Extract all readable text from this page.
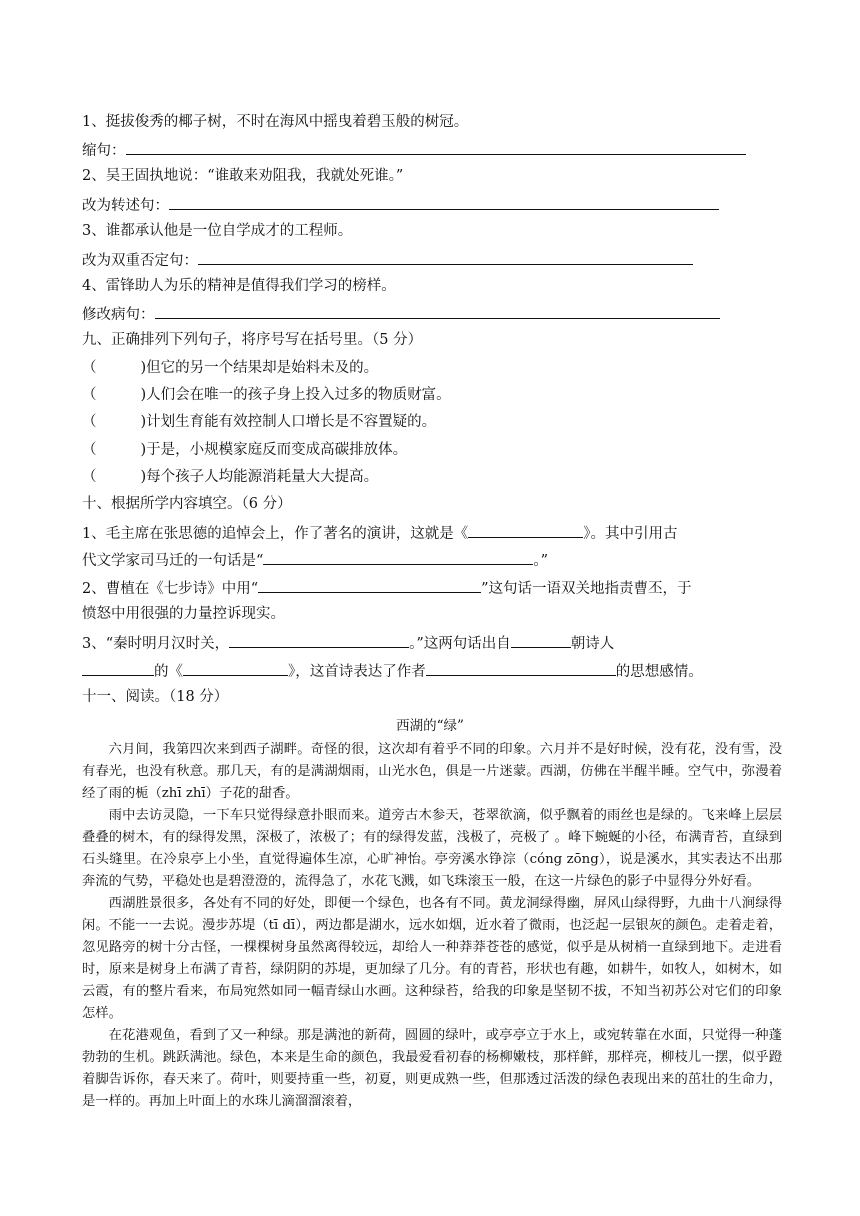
1、挺拔俊秀的椰子树，不时在海风中摇曳着碧玉般的树冠。
缩句：
2、吴王固执地说：“谁敢来劝阻我，我就处死谁。”
改为转述句：
3、谁都承认他是一位自学成才的工程师。
改为双重否定句：
4、雷锋助人为乐的精神是值得我们学习的榜样。
修改病句：
九、正确排列下列句子，将序号写在括号里。（5 分）
（	)但它的另一个结果却是始料未及的。
（	)人们会在唯一的孩子身上投入过多的物质财富。
（	)计划生育能有效控制人口增长是不容置疑的。
（	)于是，小规模家庭反而变成高碳排放体。
（	)每个孩子人均能源消耗量大大提高。
十、根据所学内容填空。（6 分）
1、毛主席在张思德的追悼会上，作了著名的演讲，这就是《	》。其中引用古
代文学家司马迁的一句话是“	。”
2、曹植在《七步诗》中用“	”这句话一语双关地指责曹丕，于
愤怒中用很强的力量控诉现实。
3、“秦时明月汉时关，	。”这两句话出自	朝诗人
的《	》，这首诗表达了作者	的思想感情。
十一、阅读。（18 分）
西湖的“绿”

六月间，我第四次来到西子湖畔。奇怪的很，这次却有着乎不同的印象。六月并不是好时候，没有花，没有雪，没有春光，也没有秋意。那几天，有的是满湖烟雨，山光水色，俱是一片迷蒙。西湖，仿佛在半醒半睡。空气中，弥漫着经了雨的栀（zhī zhī）子花的甜香。

雨中去访灵隐，一下车只觉得绿意扑眼而来。道旁古木参天，苍翠欲滴，似乎飘着的雨丝也是绿的。飞来峰上层层叠叠的树木，有的绿得发黑，深极了，浓极了；有的绿得发蓝，浅极了，亮极了 。峰下蜿蜒的小径，布满青苔，直绿到石头缝里。在冷泉亭上小坐，直觉得遍体生凉，心旷神怡。亭旁溪水铮淙（cóng zōng），说是溪水，其实表达不出那奔流的气势，平稳处也是碧澄澄的，流得急了，水花飞溅，如飞珠滚玉一般，在这一片绿色的影子中显得分外好看。

西湖胜景很多，各处有不同的好处，即便一个绿色，也各有不同。黄龙洞绿得幽，屏风山绿得野，九曲十八涧绿得闲。不能一一去说。漫步苏堤（tī dī），两边都是湖水，远水如烟，近水着了微雨，也泛起一层银灰的颜色。走着走着，忽见路旁的树十分古怪，一棵棵树身虽然离得较远，却给人一种莽莽苍苍的感觉，似乎是从树梢一直绿到地下。走进看时，原来是树身上布满了青苔，绿阴阴的苏堤，更加绿了几分。有的青苔，形状也有趣，如耕牛，如牧人，如树木，如云霞，有的整片看来，布局宛然如同一幅青绿山水画。这种绿苔，给我的印象是坚韧不拔，不知当初苏公对它们的印象怎样。

在花港观鱼，看到了又一种绿。那是满池的新荷，圆圆的绿叶，或亭亭立于水上，或宛转靠在水面，只觉得一种蓬勃勃的生机。跳跃满池。绿色，本来是生命的颜色，我最爱看初春的杨柳嫩枝，那样鲜，那样亮，柳枝儿一摆，似乎蹬着脚告诉你，春天来了。荷叶，则要持重一些，初夏，则更成熟一些，但那透过活泼的绿色表现出来的茁壮的生命力，是一样的。再加上叶面上的水珠儿滴溜溜滚着，
